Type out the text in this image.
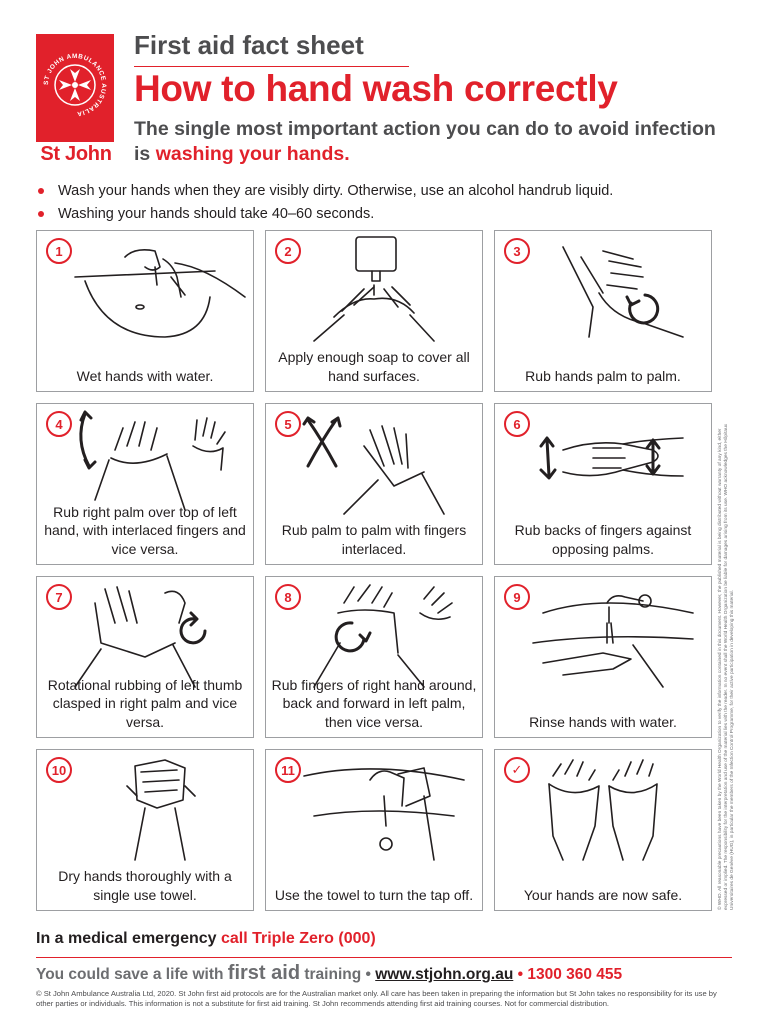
ST JOHN AMBULANCE AUSTRALIA
St John
First aid fact sheet
How to hand wash correctly
The single most important action you can do to avoid infection is washing your hands.
Wash your hands when they are visibly dirty. Otherwise, use an alcohol handrub liquid.
Washing your hands should take 40–60 seconds.
1
Wet hands with water.
2
Apply enough soap to cover all hand surfaces.
3
Rub hands palm to palm.
4
Rub right palm over top of left hand, with interlaced fingers and vice versa.
5
Rub palm to palm with fingers interlaced.
6
Rub backs of fingers against opposing palms.
7
Rotational rubbing of left thumb clasped in right palm and vice versa.
8
Rub fingers of right hand around, back and forward in left palm, then vice versa.
9
Rinse hands with water.
10
Dry hands thoroughly with a single use towel.
11
Use the towel to turn the tap off.
✓
Your hands are now safe.	© WHO. All reasonable precautions have been taken by the World Health Organization to verify the information contained in this document. However, the published material is being distributed without warranty of any kind, either expressed or implied. The responsibility for the interpretation and use of the material lies with the reader. In no event shall the World Health Organization be liable for damages arising from its use. WHO acknowledges the Hôpitaux Universitaires de Genève (HUG), in particular the members of the Infection Control Programme, for their active participation in developing this material.
In a medical emergency call Triple Zero (000)
You could save a life with first aid training • www.stjohn.org.au • 1300 360 455
© St John Ambulance Australia Ltd, 2020. St John first aid protocols are for the Australian market only. All care has been taken in preparing the information but St John takes no responsibility for its use by other parties or individuals. This information is not a substitute for first aid training. St John recommends attending first aid training courses. Not for commercial distribution.
